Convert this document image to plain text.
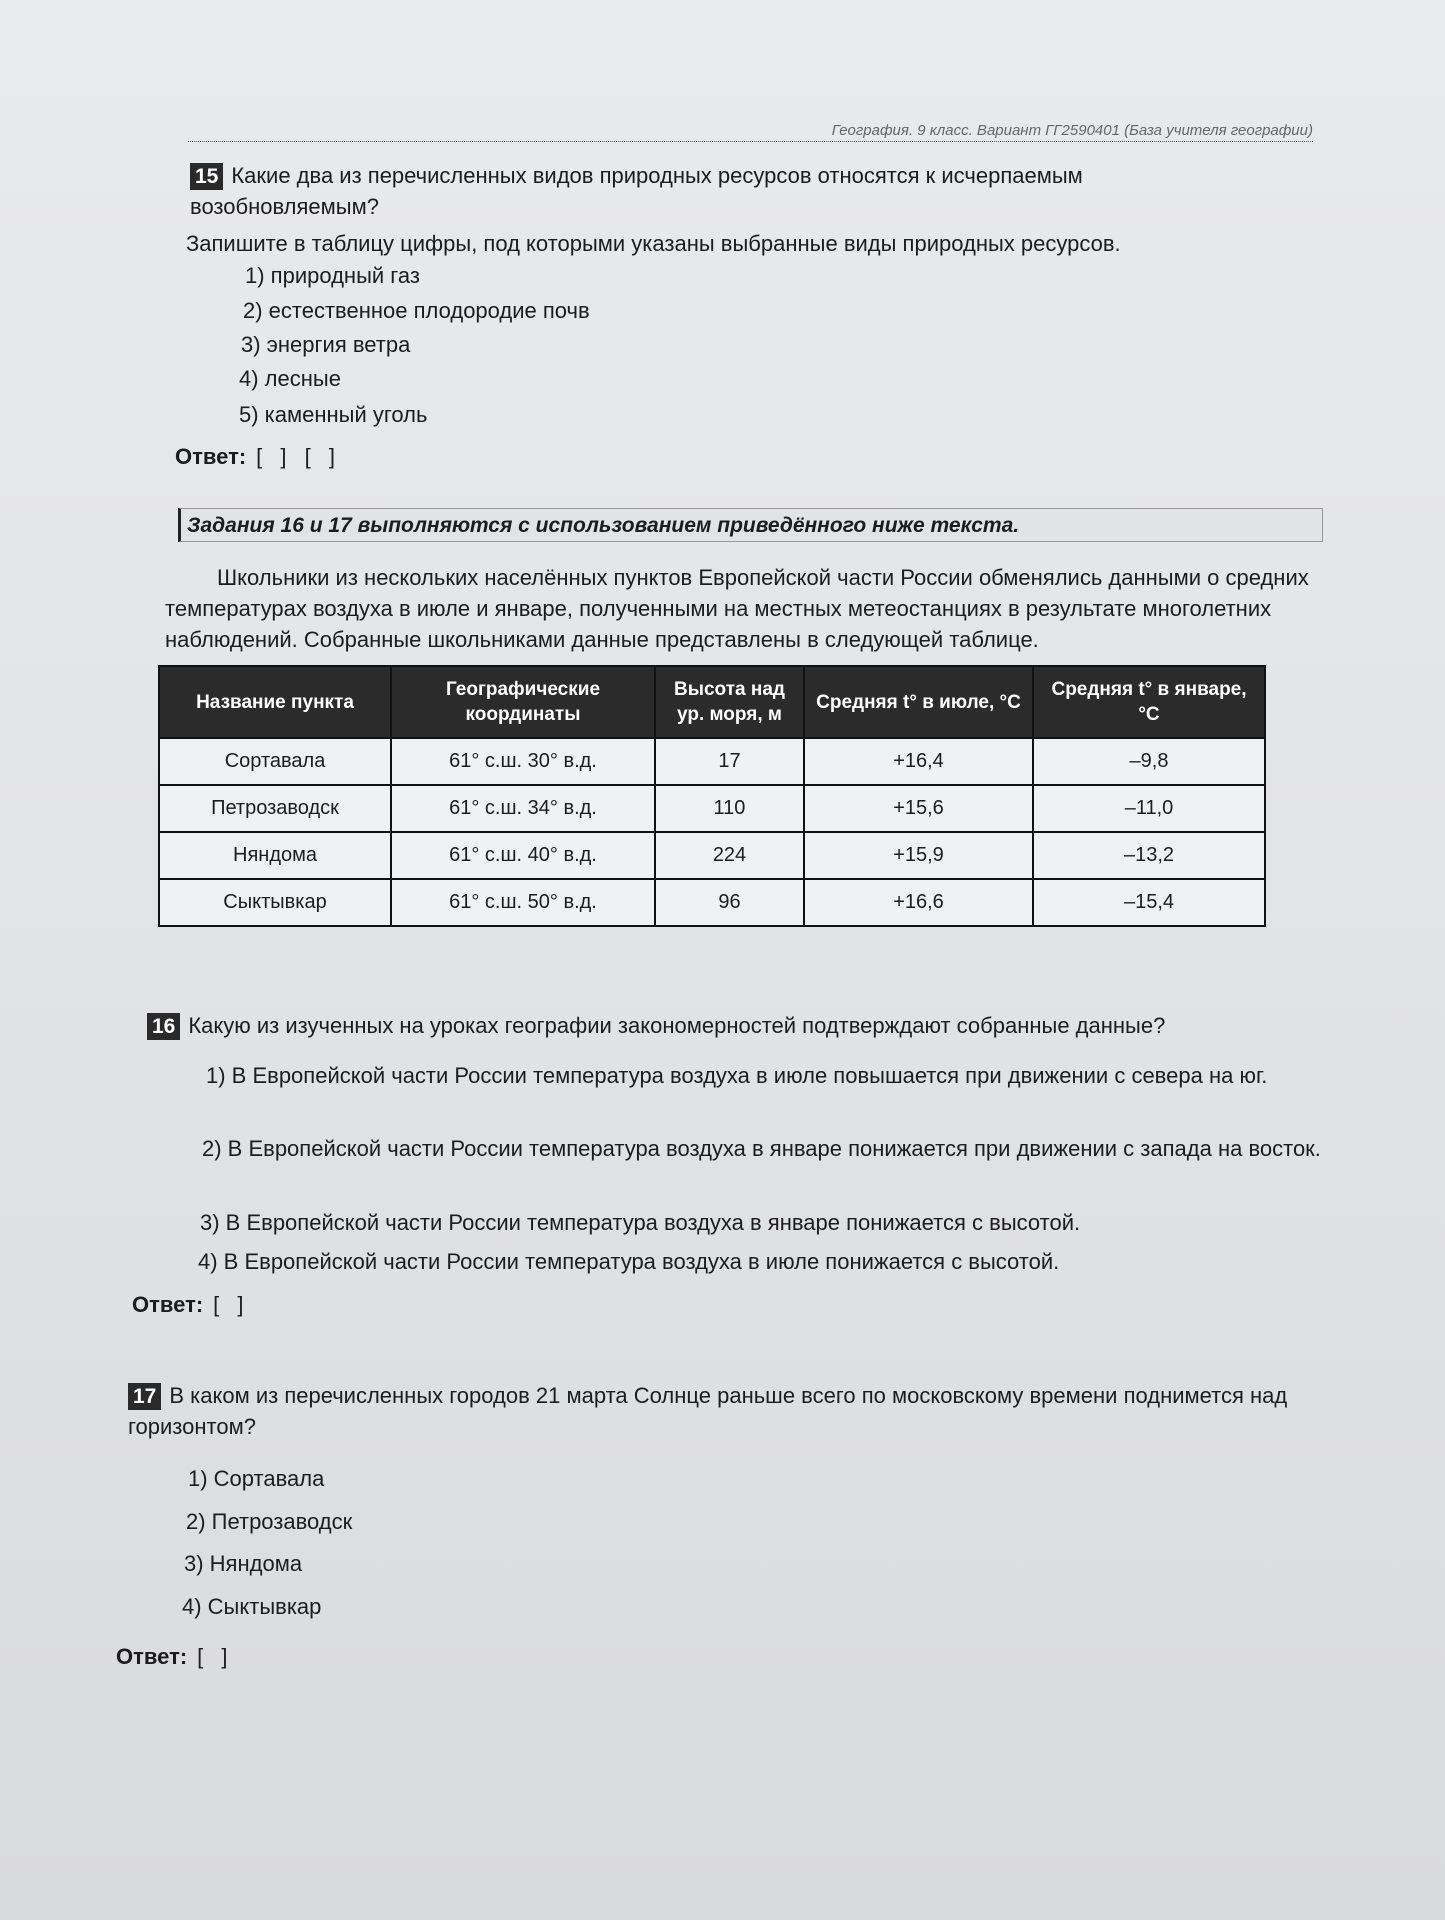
География. 9 класс. Вариант ГГ2590401 (База учителя географии)
15 Какие два из перечисленных видов природных ресурсов относятся к исчерпаемым возобновляемым?
Запишите в таблицу цифры, под которыми указаны выбранные виды природных ресурсов.
1) природный газ
2) естественное плодородие почв
3) энергия ветра
4) лесные
5) каменный уголь
Ответ: [ ] [ ]
Задания 16 и 17 выполняются с использованием приведённого ниже текста.
Школьники из нескольких населённых пунктов Европейской части России обменялись данными о средних температурах воздуха в июле и январе, полученными на местных метеостанциях в результате многолетних наблюдений. Собранные школьниками данные представлены в следующей таблице.
Название пункта	Географические координаты	Высота над ур. моря, м	Средняя t° в июле, °С	Средняя t° в январе, °С
Сортавала	61° с.ш. 30° в.д.	17	+16,4	–9,8
Петрозаводск	61° с.ш. 34° в.д.	110	+15,6	–11,0
Няндома	61° с.ш. 40° в.д.	224	+15,9	–13,2
Сыктывкар	61° с.ш. 50° в.д.	96	+16,6	–15,4
16 Какую из изученных на уроках географии закономерностей подтверждают собранные данные?
1) В Европейской части России температура воздуха в июле повышается при движении с севера на юг.
2) В Европейской части России температура воздуха в январе понижается при движении с запада на восток.
3) В Европейской части России температура воздуха в январе понижается с высотой.
4) В Европейской части России температура воздуха в июле понижается с высотой.
Ответ: [ ]
17 В каком из перечисленных городов 21 марта Солнце раньше всего по московскому времени поднимется над горизонтом?
1) Сортавала
2) Петрозаводск
3) Няндома
4) Сыктывкар
Ответ: [ ]
